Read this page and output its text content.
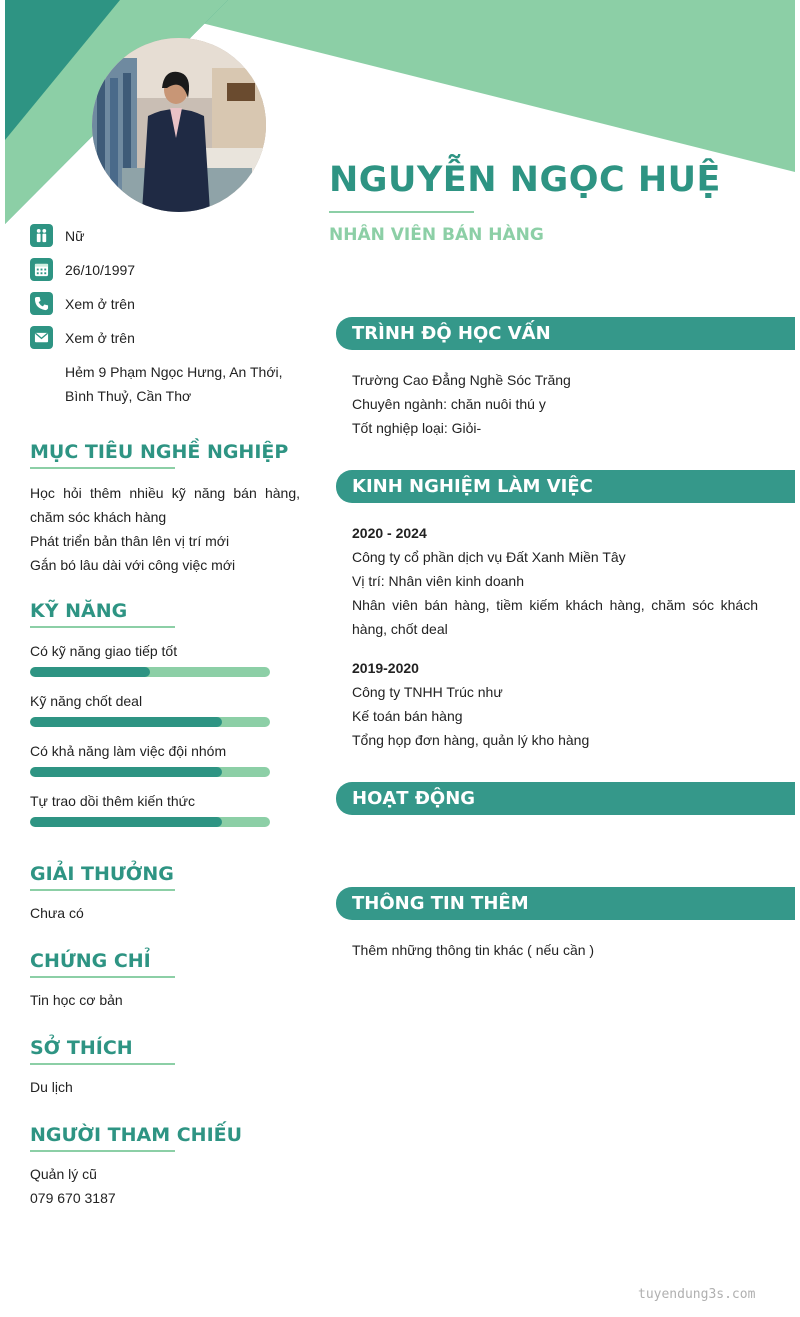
NGUYỄN NGỌC HUỆ
NHÂN VIÊN BÁN HÀNG
Nữ
26/10/1997
Xem ở trên
Xem ở trên
Hẻm 9 Phạm Ngọc Hưng, An Thới,
Bình Thuỷ, Cần Thơ
MỤC TIÊU NGHỀ NGHIỆP

Học hỏi thêm nhiều kỹ năng bán hàng, chăm sóc khách hàng

Phát triển bản thân lên vị trí mới

Gắn bó lâu dài với công việc mới

KỸ NĂNG
Có kỹ năng giao tiếp tốt
Kỹ năng chốt deal
Có khả năng làm việc đội nhóm
Tự trao dồi thêm kiến thức
GIẢI THƯỞNG

Chưa có

CHỨNG CHỈ

Tin học cơ bản

SỞ THÍCH

Du lịch

NGƯỜI THAM CHIẾU

Quản lý cũ

079 670 3187

TRÌNH ĐỘ HỌC VẤN

Trường Cao Đẳng Nghề Sóc Trăng

Chuyên ngành: chăn nuôi thú y

Tốt nghiệp loại: Giỏi-

KINH NGHIỆM LÀM VIỆC

2020 - 2024

Công ty cổ phần dịch vụ Đất Xanh Miền Tây

Vị trí: Nhân viên kinh doanh

Nhân viên bán hàng, tiềm kiếm khách hàng, chăm sóc khách hàng, chốt deal

2019-2020

Công ty TNHH Trúc như

Kế toán bán hàng

Tổng họp đơn hàng, quản lý kho hàng

HOẠT ĐỘNG
THÔNG TIN THÊM

Thêm những thông tin khác ( nếu cần )

tuyendung3s.com
